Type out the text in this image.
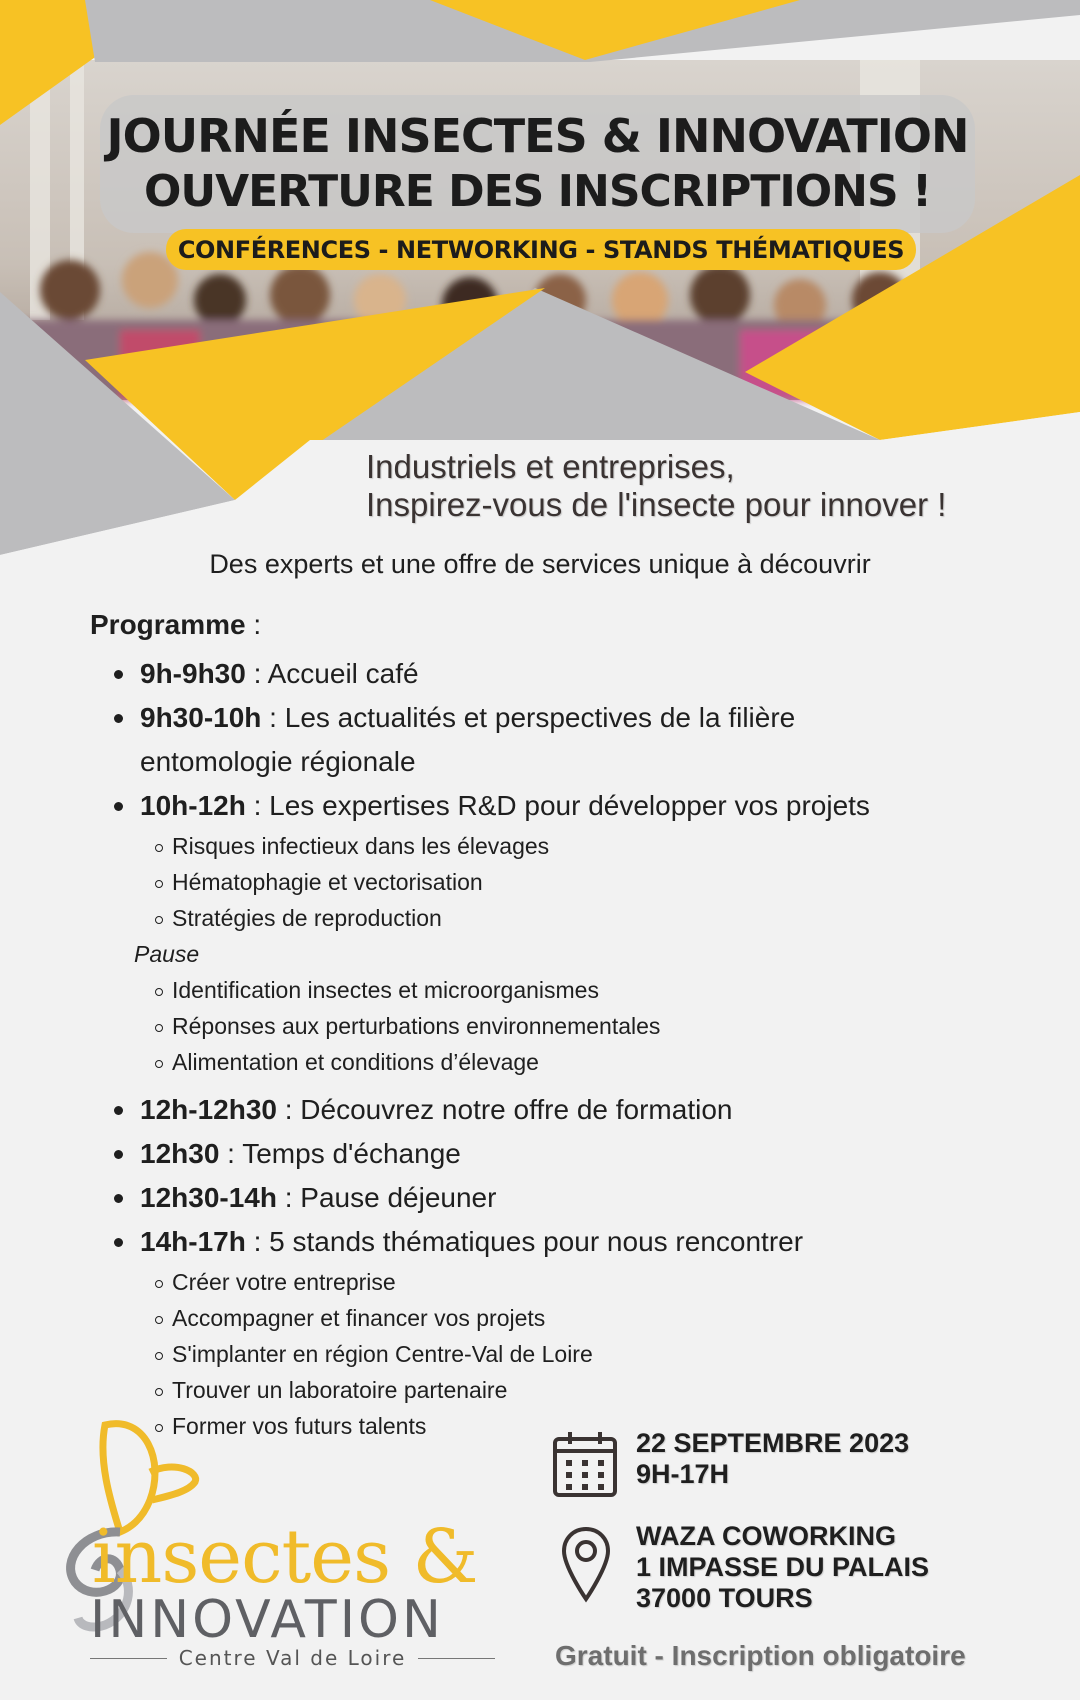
JOURNÉE INSECTES & INNOVATION
OUVERTURE DES INSCRIPTIONS !
CONFÉRENCES - NETWORKING - STANDS THÉMATIQUES
Industriels et entreprises,
Inspirez-vous de l'insecte pour innover !
Des experts et une offre de services unique à découvrir
Programme :
9h-9h30 : Accueil café
9h30-10h : Les actualités et perspectives de la filière
entomologie régionale
10h-12h : Les expertises R&D pour développer vos projets
Risques infectieux dans les élevages
Hématophagie et vectorisation
Stratégies de reproduction
Pause
Identification insectes et microorganismes
Réponses aux perturbations environnementales
Alimentation et conditions d’élevage
12h-12h30 : Découvrez notre offre de formation
12h30 : Temps d'échange
12h30-14h : Pause déjeuner
14h-17h : 5 stands thématiques pour nous rencontrer
Créer votre entreprise
Accompagner et financer vos projets
S'implanter en région Centre-Val de Loire
Trouver un laboratoire partenaire
Former vos futurs talents
insectes &
INNOVATION
Centre Val de Loire
22 SEPTEMBRE 2023
9H-17H
WAZA COWORKING
1 IMPASSE DU PALAIS
37000 TOURS
Gratuit - Inscription obligatoire
